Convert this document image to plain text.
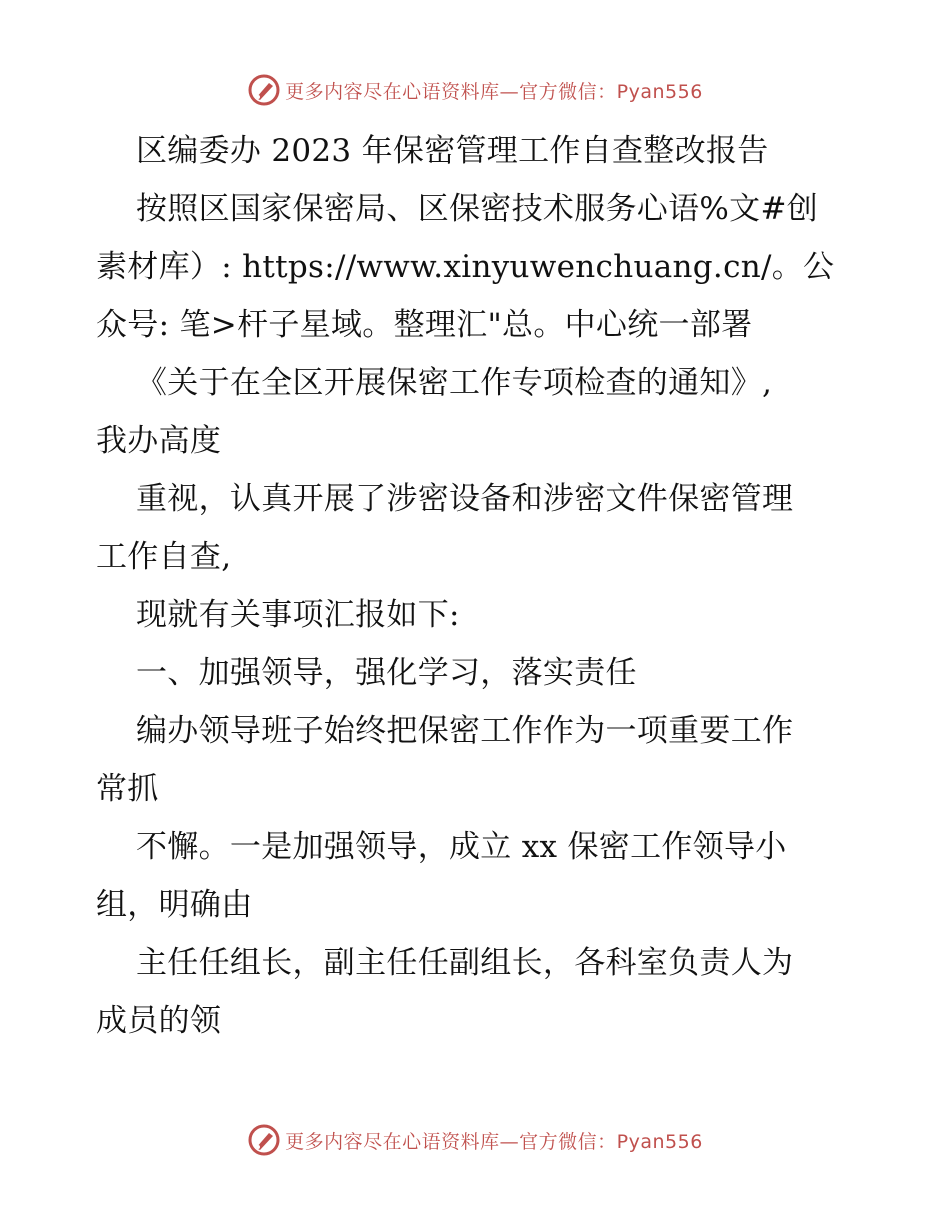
更多内容尽在心语资料库—官方微信：Pyan556

区编委办 2023 年保密管理工作自查整改报告

按照区国家保密局、区保密技术服务心语%文#创

素材库）: https://www.xinyuwenchuang.cn/。公

众号: 笔>杆子星域。整理汇"总。中心统一部署

《关于在全区开展保密工作专项检查的通知》,

我办高度

重视，认真开展了涉密设备和涉密文件保密管理

工作自查,

现就有关事项汇报如下:

一、加强领导，强化学习，落实责任

编办领导班子始终把保密工作作为一项重要工作

常抓

不懈。一是加强领导，成立 xx 保密工作领导小

组，明确由

主任任组长，副主任任副组长，各科室负责人为

成员的领

更多内容尽在心语资料库—官方微信：Pyan556
